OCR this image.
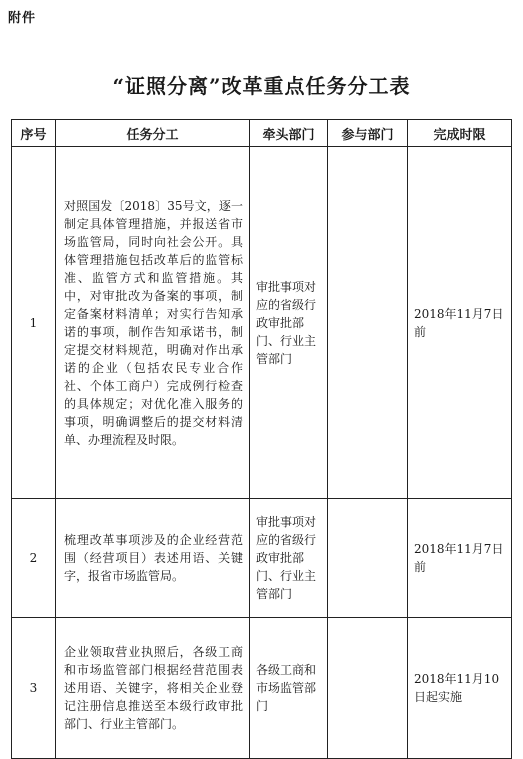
附件
“证照分离”改革重点任务分工表
序号	任务分工	牵头部门	参与部门	完成时限
1	对照国发〔2018〕35号文，逐一制定具体管理措施，并报送省市场监管局，同时向社会公开。具体管理措施包括改革后的监管标准、监管方式和监管措施。其中，对审批改为备案的事项，制定备案材料清单；对实行告知承诺的事项，制作告知承诺书，制定提交材料规范，明确对作出承诺的企业（包括农民专业合作社、个体工商户）完成例行检查的具体规定；对优化准入服务的事项，明确调整后的提交材料清单、办理流程及时限。	审批事项对应的省级行政审批部门、行业主管部门		2018年11月7日前
2	梳理改革事项涉及的企业经营范围（经营项目）表述用语、关键字，报省市场监管局。	审批事项对应的省级行政审批部门、行业主管部门		2018年11月7日前
3	企业领取营业执照后，各级工商和市场监管部门根据经营范围表述用语、关键字，将相关企业登记注册信息推送至本级行政审批部门、行业主管部门。	各级工商和市场监管部门		2018年11月10日起实施
